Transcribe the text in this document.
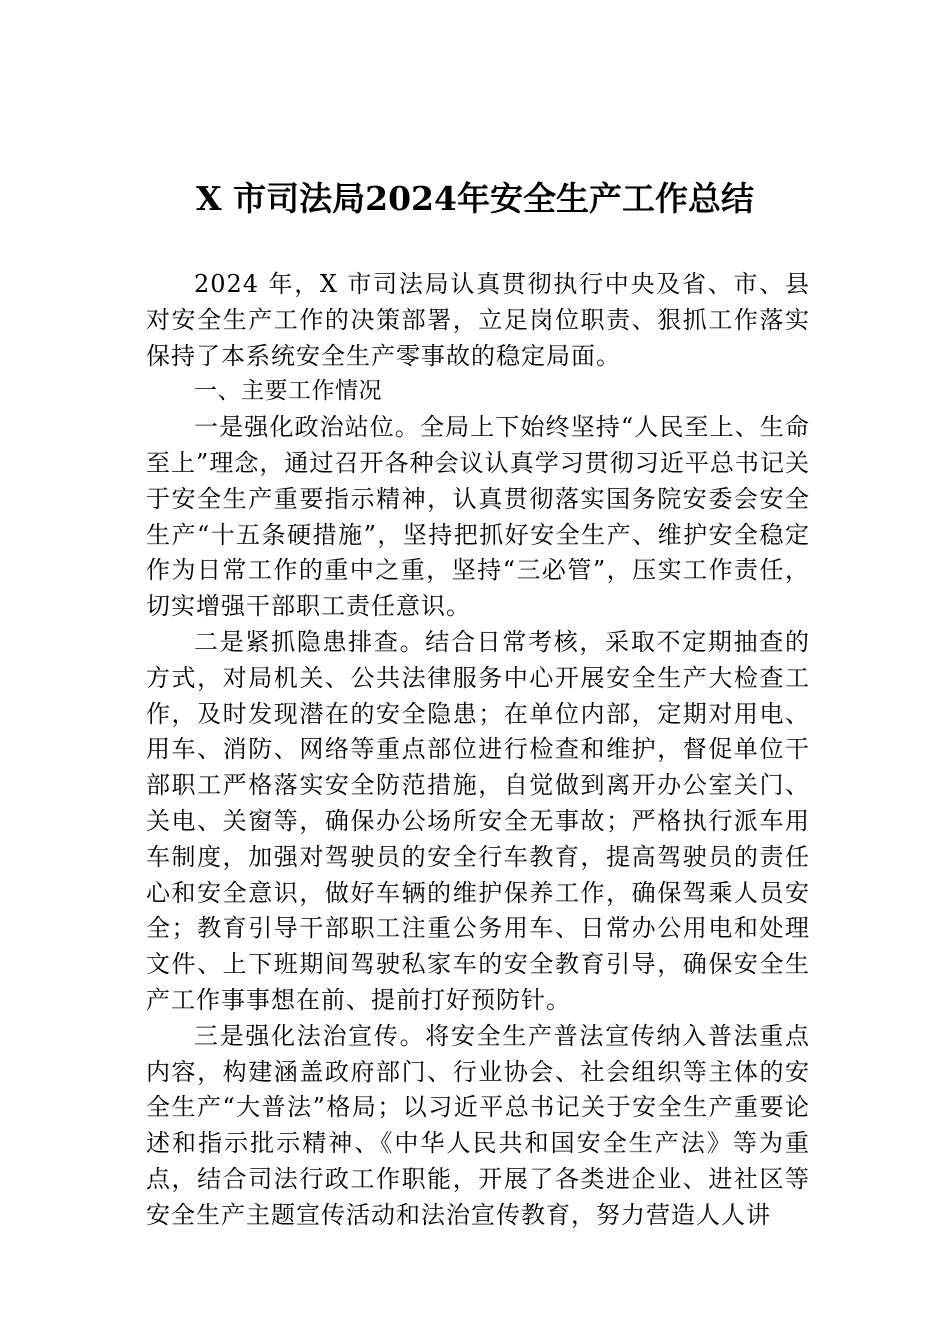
X 市司法局2024年安全生产工作总结

2024 年，X 市司法局认真贯彻执行中央及省、市、县对安全生产工作的决策部署，立足岗位职责、狠抓工作落实保持了本系统安全生产零事故的稳定局面。

一、主要工作情况

一是强化政治站位。全局上下始终坚持“人民至上、生命至上”理念，通过召开各种会议认真学习贯彻习近平总书记关于安全生产重要指示精神，认真贯彻落实国务院安委会安全生产“十五条硬措施”，坚持把抓好安全生产、维护安全稳定作为日常工作的重中之重，坚持“三必管”，压实工作责任，切实增强干部职工责任意识。

二是紧抓隐患排查。结合日常考核，采取不定期抽查的方式，对局机关、公共法律服务中心开展安全生产大检查工作，及时发现潜在的安全隐患；在单位内部，定期对用电、用车、消防、网络等重点部位进行检查和维护，督促单位干部职工严格落实安全防范措施，自觉做到离开办公室关门、关电、关窗等，确保办公场所安全无事故；严格执行派车用车制度，加强对驾驶员的安全行车教育，提高驾驶员的责任心和安全意识，做好车辆的维护保养工作，确保驾乘人员安全；教育引导干部职工注重公务用车、日常办公用电和处理文件、上下班期间驾驶私家车的安全教育引导，确保安全生产工作事事想在前、提前打好预防针。

三是强化法治宣传。将安全生产普法宣传纳入普法重点内容，构建涵盖政府部门、行业协会、社会组织等主体的安全生产“大普法”格局；以习近平总书记关于安全生产重要论述和指示批示精神、《中华人民共和国安全生产法》等为重点，结合司法行政工作职能，开展了各类进企业、进社区等安全生产主题宣传活动和法治宣传教育，努力营造人人讲
